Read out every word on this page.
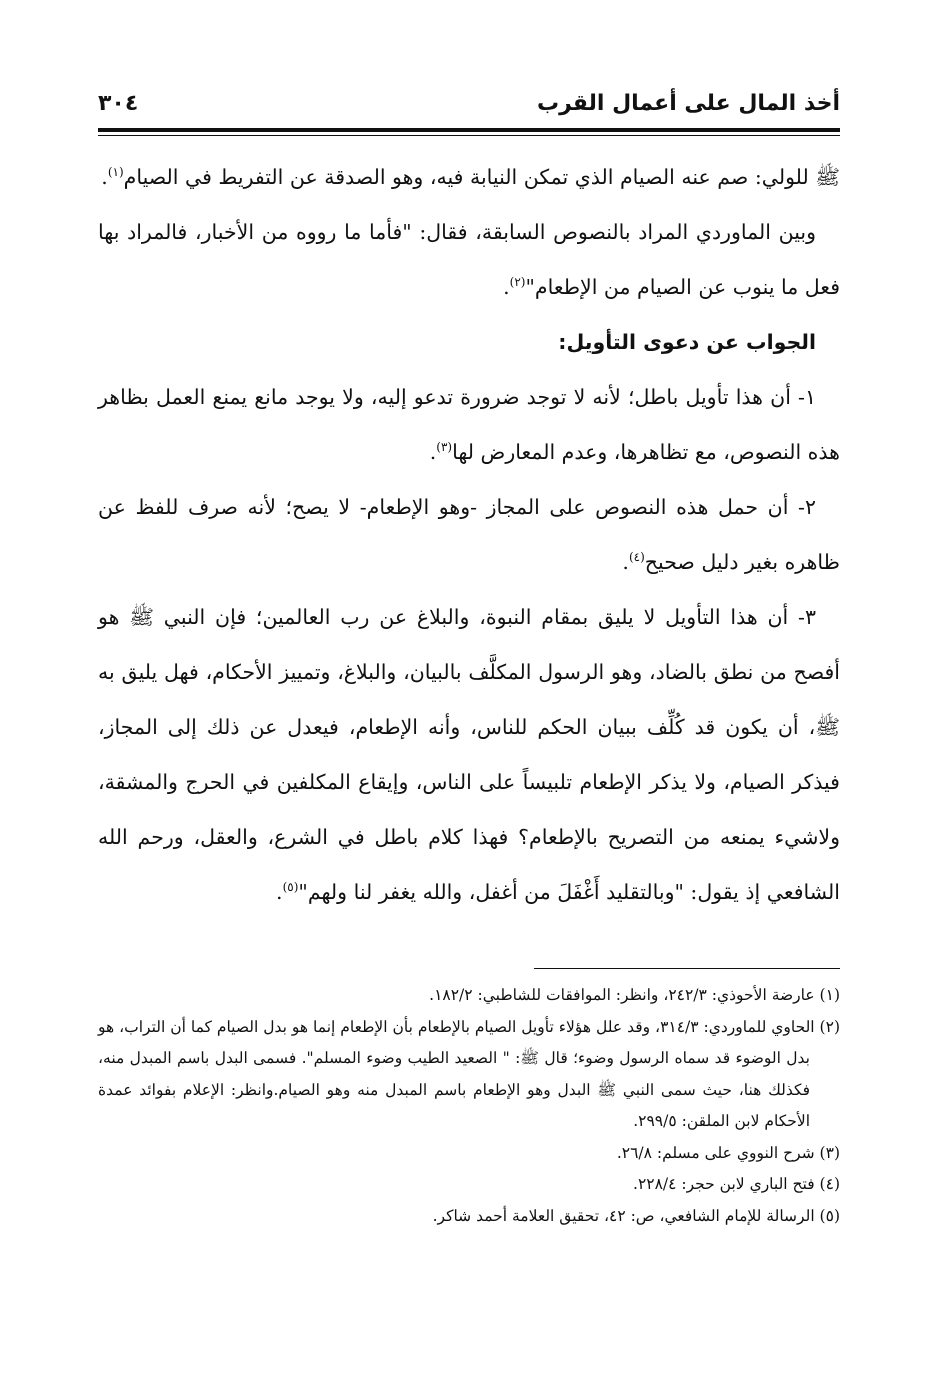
أخذ المال على أعمال القرب
٣٠٤

ﷺ للولي: صم عنه الصيام الذي تمكن النيابة فيه، وهو الصدقة عن التفريط في الصيام$^{(١)}$.

وبين الماوردي المراد بالنصوص السابقة، فقال: "فأما ما رووه من الأخبار، فالمراد بها فعل ما ينوب عن الصيام من الإطعام"$^{(٢)}$.

الجواب عن دعوى التأويل:

١- أن هذا تأويل باطل؛ لأنه لا توجد ضرورة تدعو إليه، ولا يوجد مانع يمنع العمل بظاهر هذه النصوص، مع تظاهرها، وعدم المعارض لها$^{(٣)}$.

٢- أن حمل هذه النصوص على المجاز -وهو الإطعام- لا يصح؛ لأنه صرف للفظ عن ظاهره بغير دليل صحيح$^{(٤)}$.

٣- أن هذا التأويل لا يليق بمقام النبوة، والبلاغ عن رب العالمين؛ فإن النبي ﷺ هو أفصح من نطق بالضاد، وهو الرسول المكلَّف بالبيان، والبلاغ، وتمييز الأحكام، فهل يليق به ﷺ، أن يكون قد كُلِّف ببيان الحكم للناس، وأنه الإطعام، فيعدل عن ذلك إلى المجاز، فيذكر الصيام، ولا يذكر الإطعام تلبيساً على الناس، وإيقاع المكلفين في الحرج والمشقة، ولاشيء يمنعه من التصريح بالإطعام؟ فهذا كلام باطل في الشرع، والعقل، ورحم الله الشافعي إذ يقول: "وبالتقليد أَغْفَلَ من أغفل، والله يغفر لنا ولهم"$^{(٥)}$.

(١) عارضة الأحوذي: ٢٤٢/٣، وانظر: الموافقات للشاطبي: ١٨٢/٢.

(٢) الحاوي للماوردي: ٣١٤/٣، وقد علل هؤلاء تأويل الصيام بالإطعام بأن الإطعام إنما هو بدل الصيام كما أن التراب، هو بدل الوضوء قد سماه الرسول وضوء؛ قال ﷺ: " الصعيد الطيب وضوء المسلم". فسمى البدل باسم المبدل منه، فكذلك هنا، حيث سمى النبي ﷺ البدل وهو الإطعام باسم المبدل منه وهو الصيام.وانظر: الإعلام بفوائد عمدة الأحكام لابن الملقن: ٢٩٩/٥.

(٣) شرح النووي على مسلم: ٢٦/٨.

(٤) فتح الباري لابن حجر: ٢٢٨/٤.

(٥) الرسالة للإمام الشافعي، ص: ٤٢، تحقيق العلامة أحمد شاكر.
